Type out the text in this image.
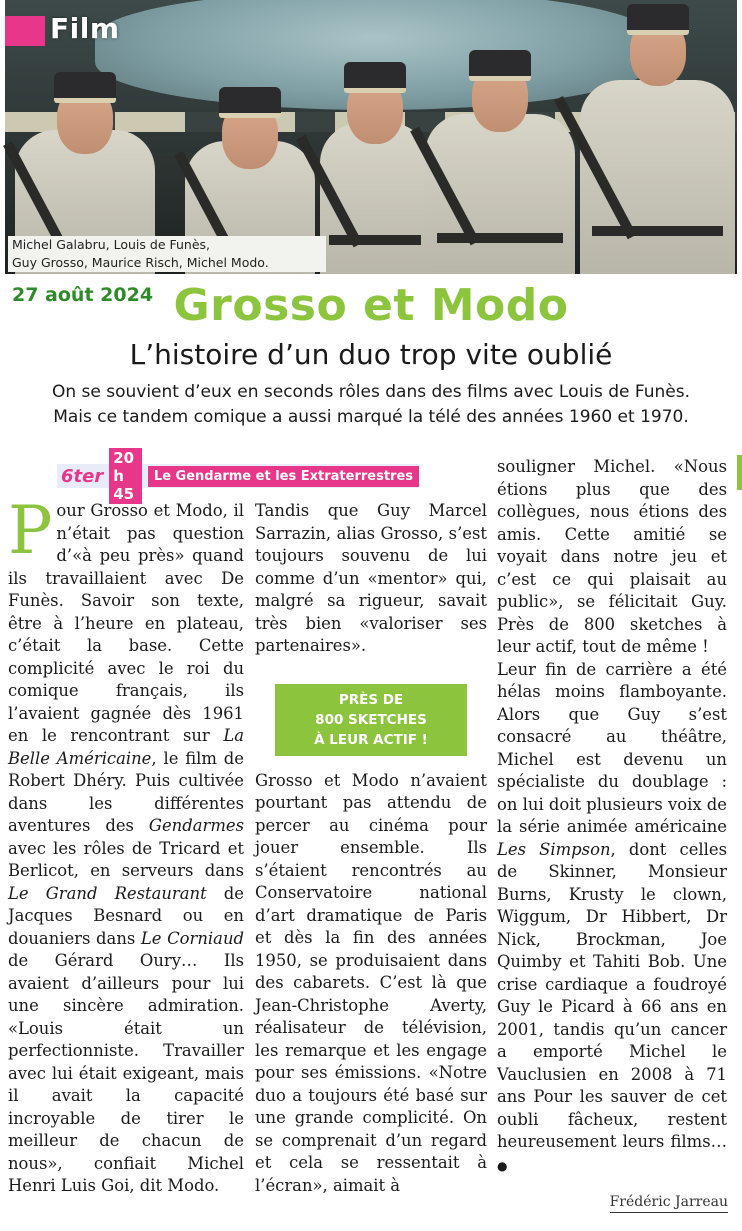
Film
Michel Galabru, Louis de Funès,
Guy Grosso, Maurice Risch, Michel Modo.
27 août 2024 Grosso et Modo
L’histoire d’un duo trop vite oublié
On se souvient d’eux en seconds rôles dans des films avec Louis de Funès.
Mais ce tandem comique a aussi marqué la télé des années 1960 et 1970.
6ter
20 h 45
Le Gendarme et les Extraterrestres

Pour Grosso et Modo, il n’était pas question d’«à peu près» quand ils travaillaient avec De Funès. Savoir son texte, être à l’heure en plateau, c’était la base. Cette complicité avec le roi du comique français, ils l’avaient gagnée dès 1961 en le rencontrant sur La Belle Américaine, le film de Robert Dhéry. Puis cultivée dans les différentes aventures des Gendarmes avec les rôles de Tricard et Berlicot, en serveurs dans Le Grand Restaurant de Jacques Besnard ou en douaniers dans Le Corniaud de Gérard Oury… Ils avaient d’ailleurs pour lui une sincère admiration. «Louis était un perfectionniste. Travailler avec lui était exigeant, mais il avait la capacité incroyable de tirer le meilleur de chacun de nous», confiait Michel Henri Luis Goi, dit Modo.

Tandis que Guy Marcel Sarrazin, alias Grosso, s’est toujours souvenu de lui comme d’un «mentor» qui, malgré sa rigueur, savait très bien «valoriser ses partenaires».

PRÈS DE
800 SKETCHES
À LEUR ACTIF !

Grosso et Modo n’avaient pourtant pas attendu de percer au cinéma pour jouer ensemble. Ils s’étaient rencontrés au Conservatoire national d’art dramatique de Paris et dès la fin des années 1950, se produisaient dans des cabarets. C’est là que Jean-Christophe Averty, réalisateur de télévision, les remarque et les engage pour ses émissions. «Notre duo a toujours été basé sur une grande complicité. On se comprenait d’un regard et cela se ressentait à l’écran», aimait à

souligner Michel. «Nous étions plus que des collègues, nous étions des amis. Cette amitié se voyait dans notre jeu et c’est ce qui plaisait au public», se félicitait Guy. Près de 800 sketches à leur actif, tout de même !

Leur fin de carrière a été hélas moins flamboyante. Alors que Guy s’est consacré au théâtre, Michel est devenu un spécialiste du doublage : on lui doit plusieurs voix de la série animée américaine Les Simpson, dont celles de Skinner, Monsieur Burns, Krusty le clown, Wiggum, Dr Hibbert, Dr Nick, Brockman, Joe Quimby et Tahiti Bob. Une crise cardiaque a foudroyé Guy le Picard à 66 ans en 2001, tandis qu’un cancer a emporté Michel le Vauclusien en 2008 à 71 ans Pour les sauver de cet oubli fâcheux, restent heureusement leurs films… ●

Frédéric Jarreau
